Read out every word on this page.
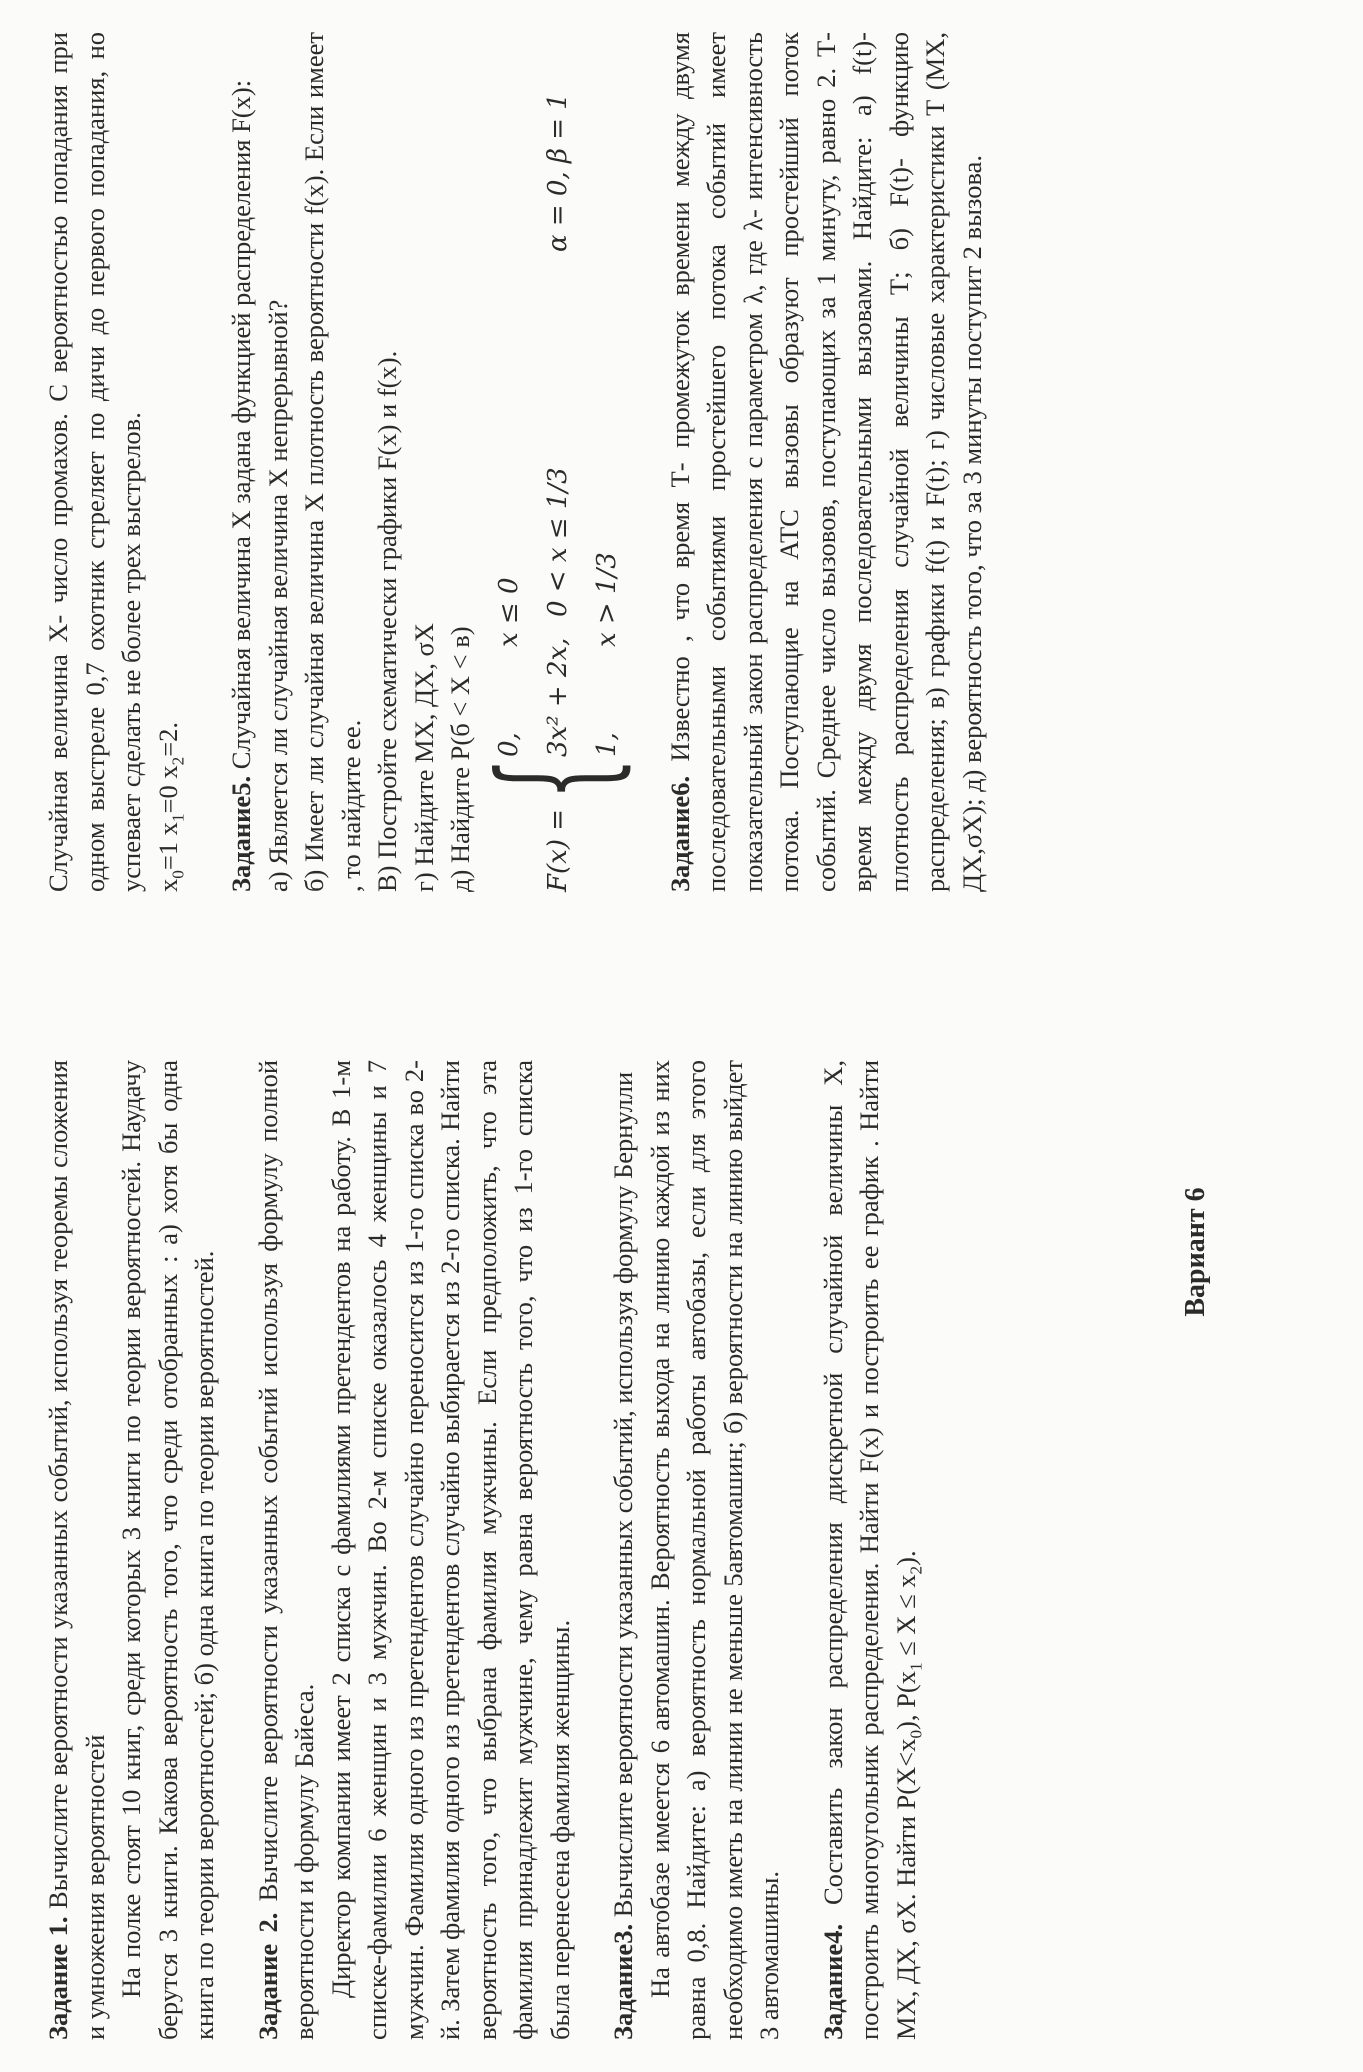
Задание 1. Вычислите вероятности указанных событий, используя теоремы сложения и умножения вероятностей На полке стоят 10 книг, среди которых 3 книги по теории вероятностей. Наудачу берутся 3 книги. Какова вероятность того, что среди отобранных : а) хотя бы одна книга по теории вероятностей; б) одна книга по теории вероятностей. Задание 2. Вычислите вероятности указанных событий используя формулу полной вероятности и формулу Байеса. Директор компании имеет 2 списка с фамилиями претендентов на работу. В 1-м списке-фамилии 6 женщин и 3 мужчин. Во 2-м списке оказалось 4 женщины и 7 мужчин. Фамилия одного из претендентов случайно переносится из 1-го списка во 2-й. Затем фамилия одного из претендентов случайно выбирается из 2-го списка. Найти вероятность того, что выбрана фамилия мужчины. Если предположить, что эта фамилия принадлежит мужчине, чему равна вероятность того, что из 1-го списка была перенесена фамилия женщины. Задание3. Вычислите вероятности указанных событий, используя формулу Бернулли На автобазе имеется 6 автомашин. Вероятность выхода на линию каждой из них равна 0,8. Найдите: а) вероятность нормальной работы автобазы, если для этого необходимо иметь на линии не меньше 5автомашин; б) вероятности на линию выйдет 3 автомашины. Задание4. Составить закон распределения дискретной случайной величины Х, построить многоугольник распределения. Найти F(x) и построить ее график . Найти МХ, ДХ, σХ. Найти $P(X<x_0)$, $P(x_1 \le X \le x_2)$.

Вариант 6

Случайная величина Х- число промахов. С вероятностью попадания при одном выстреле 0,7 охотник стреляет по дичи до первого попадания, но успевает сделать не более трех выстрелов. $x_0=1$ $x_1=0$ $x_2=2$.

Задание5. Случайная величина Х задана функцией распределения F(x): а) Является ли случайная величина Х непрерывной? б) Имеет ли случайная величина Х плотность вероятности f(x). Если имеет , то найдите ее. В) Постройте схематически графики F(x) и f(x). г) Найдите МХ, ДХ, σХ д) Найдите P(б < X < в)	F(x) =
{
0,x ≤ 0
3x² + 2x,0 < x ≤ 1/3
1,x > 1/3
α = 0, β = 1

Задание6. Известно , что время Т- промежуток времени между двумя последовательными событиями простейшего потока событий имеет показательный закон распределения с параметром λ, где λ- интенсивность потока. Поступающие на АТС вызовы образуют простейший поток событий. Среднее число вызовов, поступающих за 1 минуту, равно 2. Т- время между двумя последовательными вызовами. Найдите: а) f(t)- плотность распределения случайной величины Т; б) F(t)- функцию распределения; в) графики f(t) и F(t); г) числовые характеристики Т (МХ, ДХ,σХ); д) вероятность того, что за 3 минуты поступит 2 вызова.
